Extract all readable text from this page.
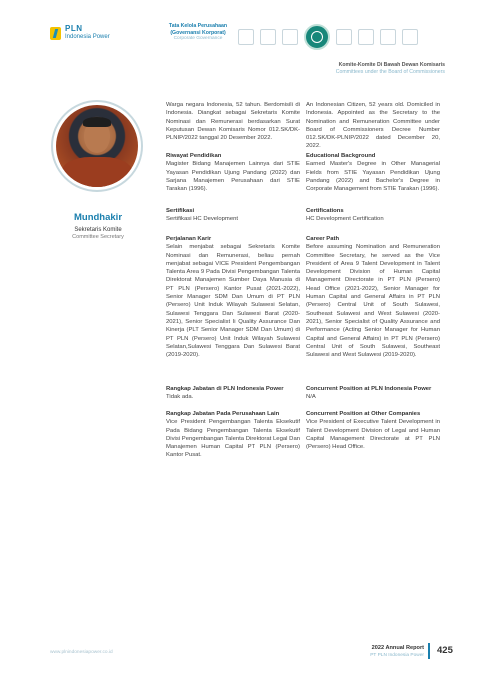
PLN
Indonesia Power
Tata Kelola Perusahaan
(Governansi Korporat)
Corporate Governance
Komite-Komite Di Bawah Dewan Komisaris
Committees under the Board of Commissioners
Mundhakir
Sekretaris Komite
Committee Secretary
Warga negara Indonesia, 52 tahun. Berdomisili di Indonesia. Diangkat sebagai Sekretaris Komite Nominasi dan Remunerasi berdasarkan Surat Keputusan Dewan Komisaris Nomor 012.SK/DK-PLNIP/2022 tanggal 20 Desember 2022.
Riwayat Pendidikan
Magister Bidang Manajemen Lainnya dari STIE Yayasan Pendidikan Ujung Pandang (2022) dan Sarjana Manajemen Perusahaan dari STIE Tarakan (1996).
Sertifikasi
Sertifikasi HC Development
Perjalanan Karir
Selain menjabat sebagai Sekretaris Komite Nominasi dan Remunerasi, beliau pernah menjabat sebagai VICE President Pengembangan Talenta Area 9 Pada Divisi Pengembangan Talenta Direktorat Manajemen Sumber Daya Manusia di PT PLN (Persero) Kantor Pusat (2021-2022), Senior Manager SDM Dan Umum di PT PLN (Persero) Unit Induk Wilayah Sulawesi Selatan, Sulawesi Tenggara Dan Sulawesi Barat (2020-2021), Senior Specialist Ii Quality Assurance Dan Kinerja (PLT Senior Manager SDM Dan Umum) di PT PLN (Persero) Unit Induk Wilayah Sulawesi Selatan,Sulawesi Tenggara Dan Sulawesi Barat (2019-2020).
Rangkap Jabatan di PLN Indonesia Power
Tidak ada.
Rangkap Jabatan Pada Perusahaan Lain
Vice President Pengembangan Talenta Eksekutif Pada Bidang Pengembangan Talenta Eksekutif Divisi Pengembangan Talenta Direktorat Legal Dan Manajemen Human Capital PT PLN (Persero) Kantor Pusat.
An Indonesian Citizen, 52 years old. Domiciled in Indonesia. Appointed as the Secretary to the Nomination and Remuneration Committee under Board of Commissioners Decree Number 012.SK/DK-PLNIP/2022 dated December 20, 2022.
Educational Background
Earned Master's Degree in Other Managerial Fields from STIE Yayasan Pendidikan Ujung Pandang (2022) and Bachelor's Degree in Corporate Management from STIE Tarakan (1996).
Certifications
HC Development Certification
Career Path
Before assuming Nomination and Remuneration Committee Secretary, he served as the Vice President of Area 9 Talent Development in Talent Development Division of Human Capital Management Directorate in PT PLN (Persero) Head Office (2021-2022), Senior Manager for Human Capital and General Affairs in PT PLN (Persero) Central Unit of South Sulawesi, Southeast Sulawesi and West Sulawesi (2020-2021), Senior Specialist of Quality Assurance and Performance (Acting Senior Manager for Human Capital and General Affairs) in PT PLN (Persero) Central Unit of South Sulawesi, Southeast Sulawesi and West Sulawesi (2019-2020).
Concurrent Position at PLN Indonesia Power
N/A
Concurrent Position at Other Companies
Vice President of Executive Talent Development in Talent Development Division of Legal and Human Capital Management Directorate at PT PLN (Persero) Head Office.
www.plnindonesiapower.co.id
2022 Annual Report
PT PLN Indonesia Power 425
